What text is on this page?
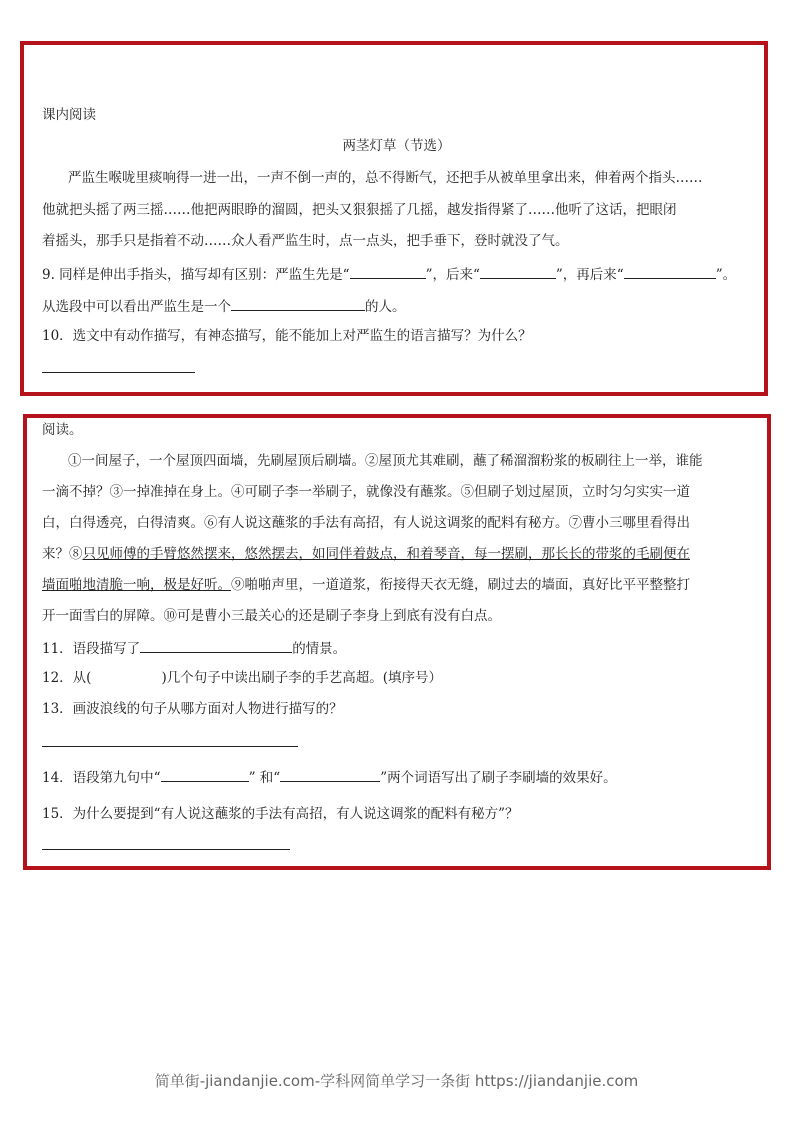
课内阅读
两茎灯草（节选）
严监生喉咙里痰响得一进一出，一声不倒一声的，总不得断气，还把手从被单里拿出来，伸着两个指头……
他就把头摇了两三摇……他把两眼睁的溜圆，把头又狠狠摇了几摇，越发指得紧了……他听了这话，把眼闭
着摇头，那手只是指着不动……众人看严监生时，点一点头，把手垂下，登时就没了气。
9. 同样是伸出手指头，描写却有区别：严监生先是“	”，后来“	”，再后来“	”。
从选段中可以看出严监生是一个	的人。
10．选文中有动作描写，有神态描写，能不能加上对严监生的语言描写？为什么？
阅读。
①一间屋子，一个屋顶四面墙，先刷屋顶后刷墙。②屋顶尤其难刷，蘸了稀溜溜粉浆的板刷往上一举，谁能
一滴不掉？③一掉准掉在身上。④可刷子李一举刷子，就像没有蘸浆。⑤但刷子划过屋顶，立时匀匀实实一道
白，白得透亮，白得清爽。⑥有人说这蘸浆的手法有高招，有人说这调浆的配料有秘方。⑦曹小三哪里看得出
来？⑧只见师傅的手臂悠然摆来，悠然摆去，如同伴着鼓点，和着琴音，每一摆刷，那长长的带浆的毛刷便在
墙面啪地清脆一响，极是好听。⑨啪啪声里，一道道浆，衔接得天衣无缝，刷过去的墙面，真好比平平整整打
开一面雪白的屏障。⑩可是曹小三最关心的还是刷子李身上到底有没有白点。
11．语段描写了	的情景。
12．从(	)几个句子中读出刷子李的手艺高超。(填序号）
13．画波浪线的句子从哪方面对人物进行描写的？
14．语段第九句中“	” 和“	”两个词语写出了刷子李刷墙的效果好。
15．为什么要提到“有人说这蘸浆的手法有高招，有人说这调浆的配料有秘方”？
简单街-jiandanjie.com-学科网简单学习一条街 https://jiandanjie.com
